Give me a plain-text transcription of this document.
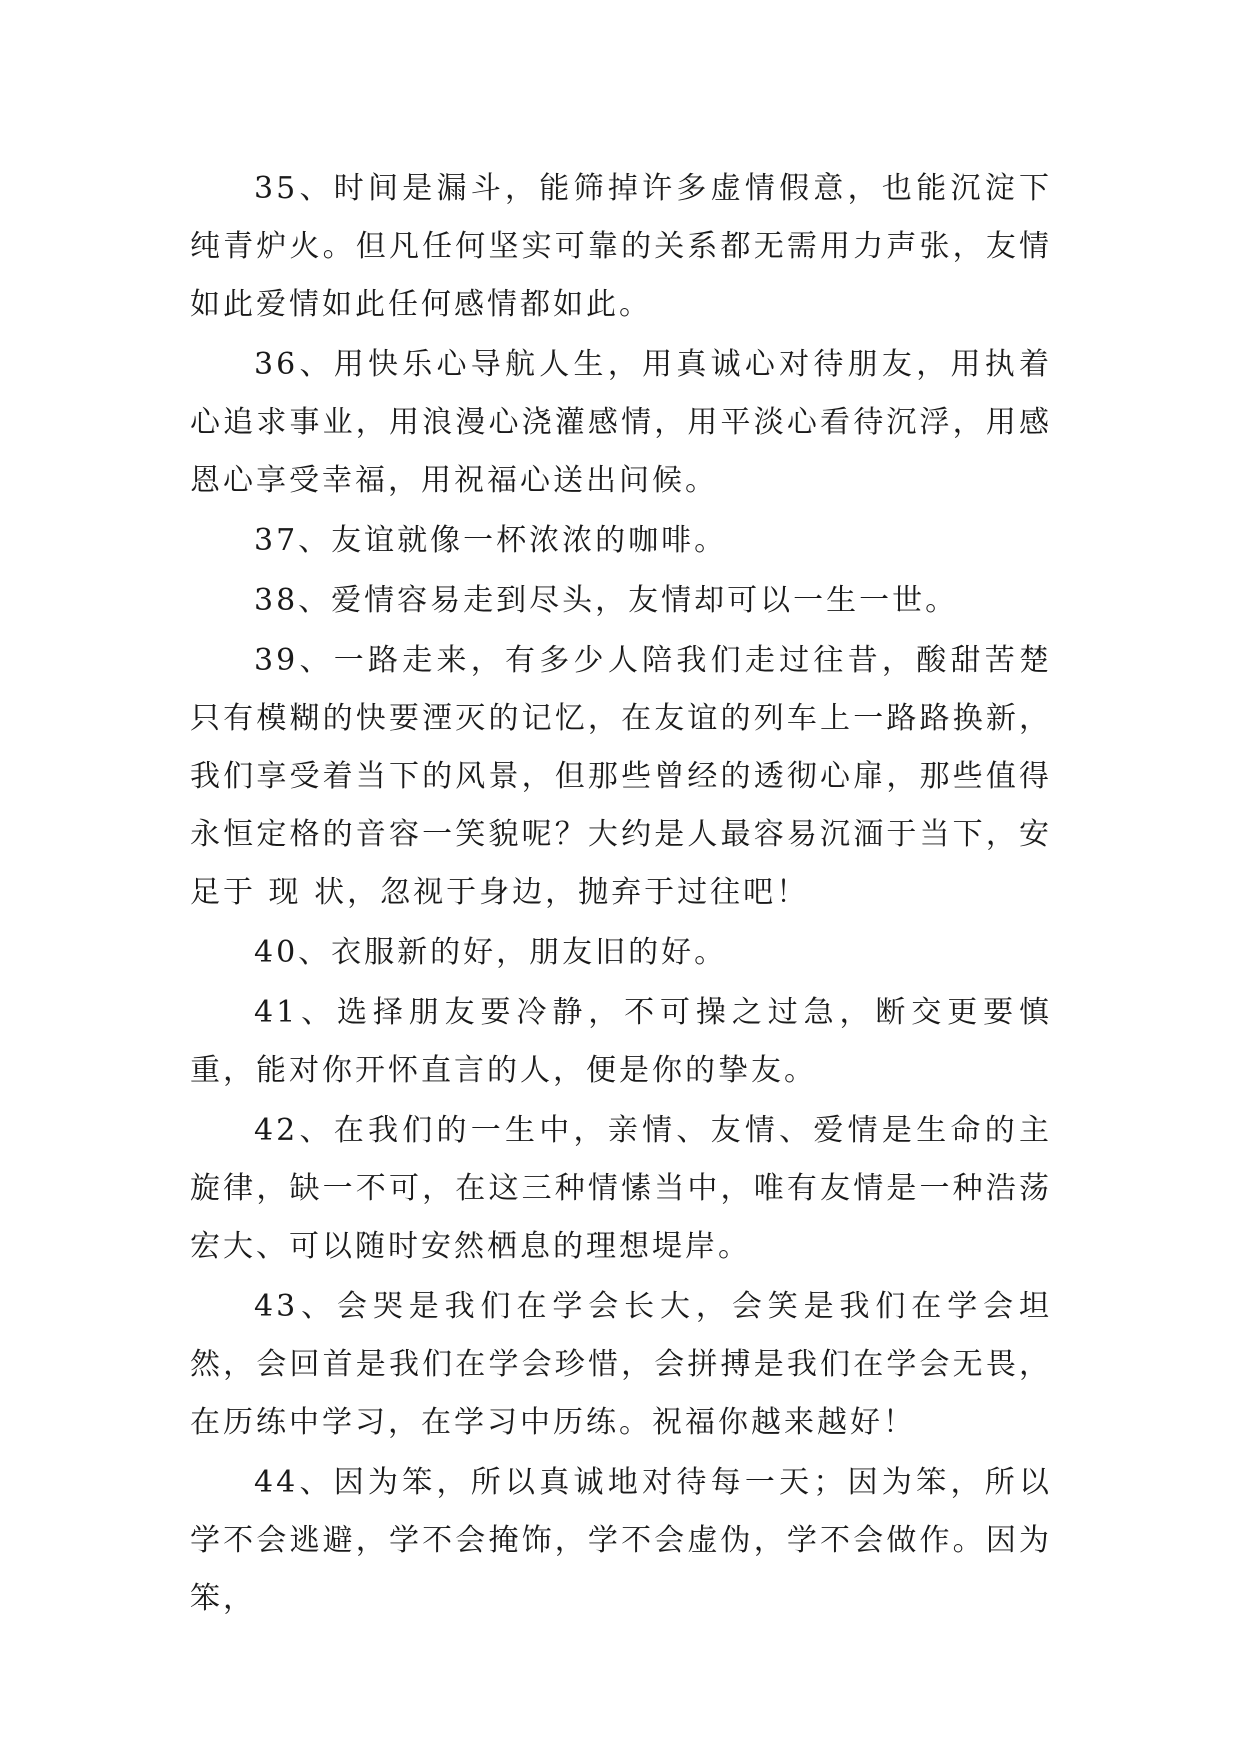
35、时间是漏斗，能筛掉许多虚情假意，也能沉淀下纯青炉火。但凡任何坚实可靠的关系都无需用力声张，友情如此爱情如此任何感情都如此。

36、用快乐心导航人生，用真诚心对待朋友，用执着心追求事业，用浪漫心浇灌感情，用平淡心看待沉浮，用感恩心享受幸福，用祝福心送出问候。

37、友谊就像一杯浓浓的咖啡。

38、爱情容易走到尽头，友情却可以一生一世。

39、一路走来，有多少人陪我们走过往昔，酸甜苦楚只有模糊的快要湮灭的记忆，在友谊的列车上一路路换新，我们享受着当下的风景，但那些曾经的透彻心扉，那些值得永恒定格的音容一笑貌呢？大约是人最容易沉湎于当下，安足于 现 状，忽视于身边，抛弃于过往吧！

40、衣服新的好，朋友旧的好。

41、选择朋友要冷静，不可操之过急，断交更要慎重，能对你开怀直言的人，便是你的挚友。

42、在我们的一生中，亲情、友情、爱情是生命的主旋律，缺一不可，在这三种情愫当中，唯有友情是一种浩荡宏大、可以随时安然栖息的理想堤岸。

43、会哭是我们在学会长大，会笑是我们在学会坦然，会回首是我们在学会珍惜，会拼搏是我们在学会无畏，在历练中学习，在学习中历练。祝福你越来越好！

44、因为笨，所以真诚地对待每一天；因为笨，所以学不会逃避，学不会掩饰，学不会虚伪，学不会做作。因为笨，
